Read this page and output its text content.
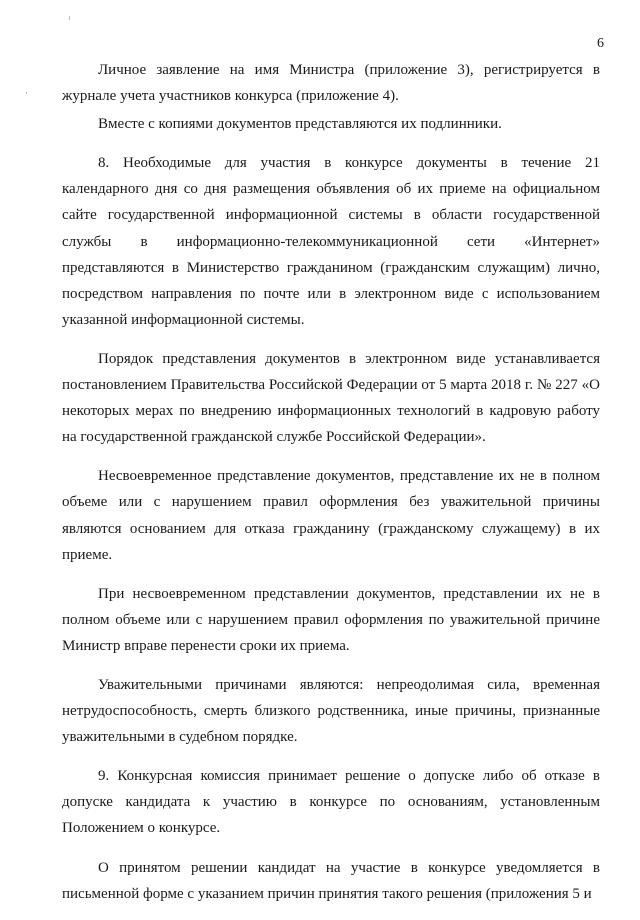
6

Личное заявление на имя Министра (приложение 3), регистрируется в журнале учета участников конкурса (приложение 4).

Вместе с копиями документов представляются их подлинники.

8. Необходимые для участия в конкурсе документы в течение 21 календарного дня со дня размещения объявления об их приеме на официальном сайте государственной информационной системы в области государственной службы в информационно-телекоммуникационной сети «Интернет» представляются в Министерство гражданином (гражданским служащим) лично, посредством направления по почте или в электронном виде с использованием указанной информационной системы.

Порядок представления документов в электронном виде устанавливается постановлением Правительства Российской Федерации от 5 марта 2018 г. № 227 «О некоторых мерах по внедрению информационных технологий в кадровую работу на государственной гражданской службе Российской Федерации».

Несвоевременное представление документов, представление их не в полном объеме или с нарушением правил оформления без уважительной причины являются основанием для отказа гражданину (гражданскому служащему) в их приеме.

При несвоевременном представлении документов, представлении их не в полном объеме или с нарушением правил оформления по уважительной причине Министр вправе перенести сроки их приема.

Уважительными причинами являются: непреодолимая сила, временная нетрудоспособность, смерть близкого родственника, иные причины, признанные уважительными в судебном порядке.

9. Конкурсная комиссия принимает решение о допуске либо об отказе в допуске кандидата к участию в конкурсе по основаниям, установленным Положением о конкурсе.

О принятом решении кандидат на участие в конкурсе уведомляется в письменной форме с указанием причин принятия такого решения (приложения 5 и
